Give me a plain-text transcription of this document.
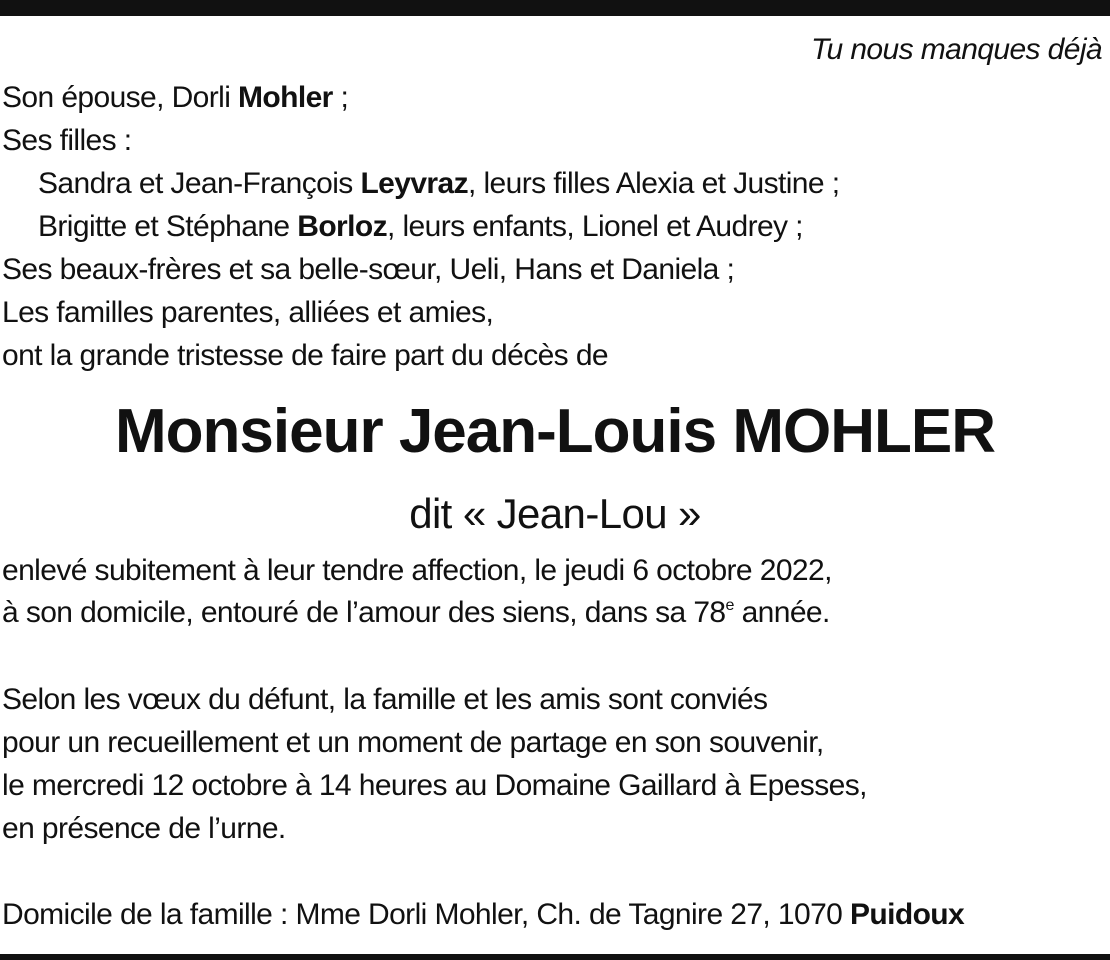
Tu nous manques déjà
Son épouse, Dorli Mohler ;
Ses filles :
Sandra et Jean-François Leyvraz, leurs filles Alexia et Justine ;
Brigitte et Stéphane Borloz, leurs enfants, Lionel et Audrey ;
Ses beaux-frères et sa belle-sœur, Ueli, Hans et Daniela ;
Les familles parentes, alliées et amies,
ont la grande tristesse de faire part du décès de
Monsieur Jean-Louis MOHLER
dit « Jean-Lou »
enlevé subitement à leur tendre affection, le jeudi 6 octobre 2022,
à son domicile, entouré de l’amour des siens, dans sa 78e année.
Selon les vœux du défunt, la famille et les amis sont conviés
pour un recueillement et un moment de partage en son souvenir,
le mercredi 12 octobre à 14 heures au Domaine Gaillard à Epesses,
en présence de l’urne.
Domicile de la famille : Mme Dorli Mohler, Ch. de Tagnire 27, 1070 Puidoux
